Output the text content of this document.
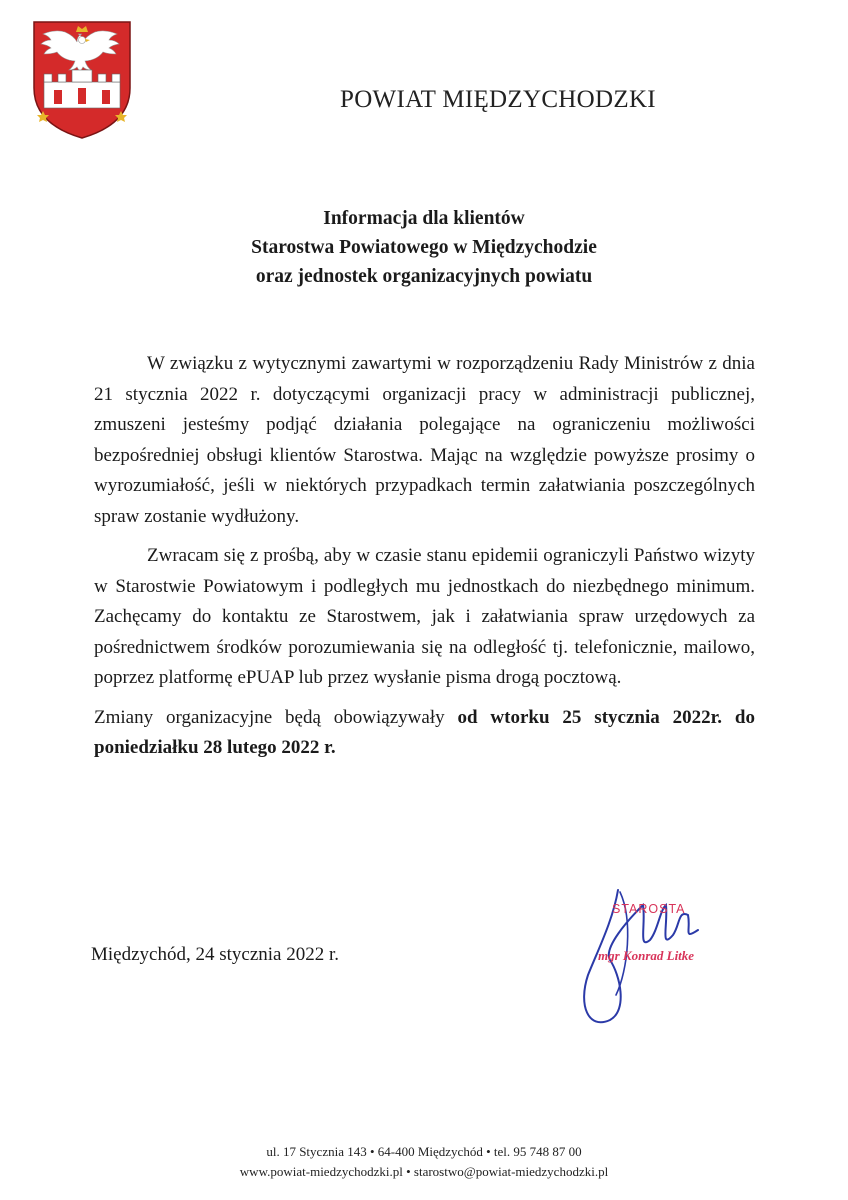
POWIAT MIĘDZYCHODZKI
Informacja dla klientów
Starostwa Powiatowego w Międzychodzie
oraz jednostek organizacyjnych powiatu

W związku z wytycznymi zawartymi w rozporządzeniu Rady Ministrów z dnia 21 stycznia 2022 r. dotyczącymi organizacji pracy w administracji publicznej, zmuszeni jesteśmy podjąć działania polegające na ograniczeniu możliwości bezpośredniej obsługi klientów Starostwa. Mając na względzie powyższe prosimy o wyrozumiałość, jeśli w niektórych przypadkach termin załatwiania poszczególnych spraw zostanie wydłużony.

Zwracam się z prośbą, aby w czasie stanu epidemii ograniczyli Państwo wizyty w Starostwie Powiatowym i podległych mu jednostkach do niezbędnego minimum. Zachęcamy do kontaktu ze Starostwem, jak i załatwiania spraw urzędowych za pośrednictwem środków porozumiewania się na odległość tj. telefonicznie, mailowo, poprzez platformę ePUAP lub przez wysłanie pisma drogą pocztową.

Zmiany organizacyjne będą obowiązywały od wtorku 25 stycznia 2022r. do poniedziałku 28 lutego 2022 r.

Międzychód, 24 stycznia 2022 r.
STAROSTA
mgr Konrad Litke
ul. 17 Stycznia 143 • 64-400 Międzychód • tel. 95 748 87 00
www.powiat-miedzychodzki.pl • starostwo@powiat-miedzychodzki.pl
